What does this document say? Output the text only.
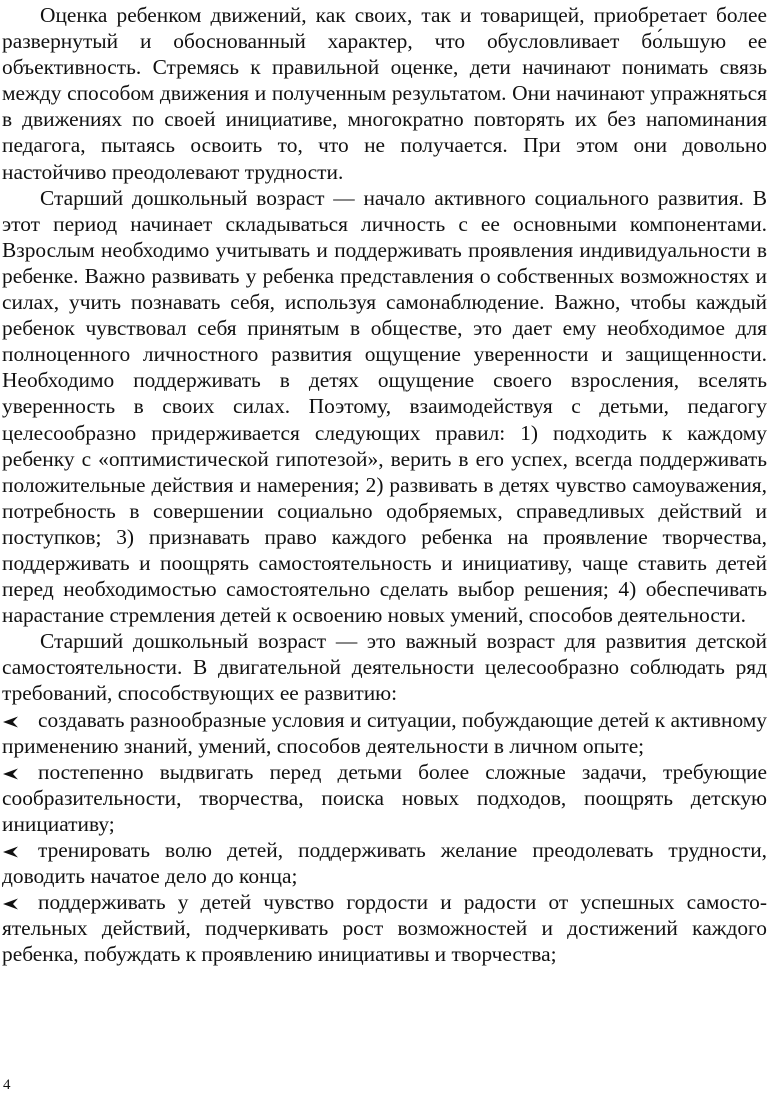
Оценка ребенком движений, как своих, так и товарищей, приобретает более развернутый и обоснованный характер, что обусловливает бо́льшую ее объективность. Стремясь к правильной оценке, дети начинают понимать связь между способом движения и полученным результатом. Они начинают упражняться в движениях по своей инициативе, многократно повторять их без напоминания педагога, пытаясь освоить то, что не получается. При этом они довольно настойчиво преодолевают трудности.

Старший дошкольный возраст — начало активного социального развития. В этот период начинает складываться личность с ее основными компонентами. Взрослым необходимо учитывать и поддерживать проявления индивидуальности в ребенке. Важно развивать у ребенка представления о собственных возможностях и силах, учить познавать себя, используя самонаблюдение. Важно, чтобы каждый ребенок чувствовал себя принятым в обществе, это дает ему необходимое для полноценного личностного развития ощущение уверенности и защищенности. Необходимо поддерживать в детях ощущение своего взросления, вселять уверенность в своих силах. Поэтому, взаимодействуя с детьми, педагогу целесообразно придерживается следующих правил: 1) подходить к каждому ребенку с «оптимистической гипотезой», верить в его успех, всегда поддерживать положительные действия и намерения; 2) развивать в детях чувство самоуважения, потребность в совершении социально одобряемых, справедливых действий и поступков; 3) признавать право каждого ребенка на проявление творчества, поддерживать и поощрять самостоятельность и инициативу, чаще ставить детей перед необходимостью самостоятельно сделать выбор решения; 4) обеспечивать нарастание стремления детей к освоению новых умений, способов деятельности.

Старший дошкольный возраст — это важный возраст для развития детской самостоятельности. В двигательной деятельности целесообразно соблюдать ряд требований, способствующих ее развитию:

создавать разнообразные условия и ситуации, побуждающие детей к активному применению знаний, умений, способов деятельности в личном опыте;

постепенно выдвигать перед детьми более сложные задачи, требующие сообразительности, творчества, поиска новых подходов, поощрять детскую инициативу;

тренировать волю детей, поддерживать желание преодолевать трудности, доводить начатое дело до конца;

поддерживать у детей чувство гордости и радости от успешных самостоятельных действий, подчеркивать рост возможностей и достижений каждого ребенка, побуждать к проявлению инициативы и творчества;

4
